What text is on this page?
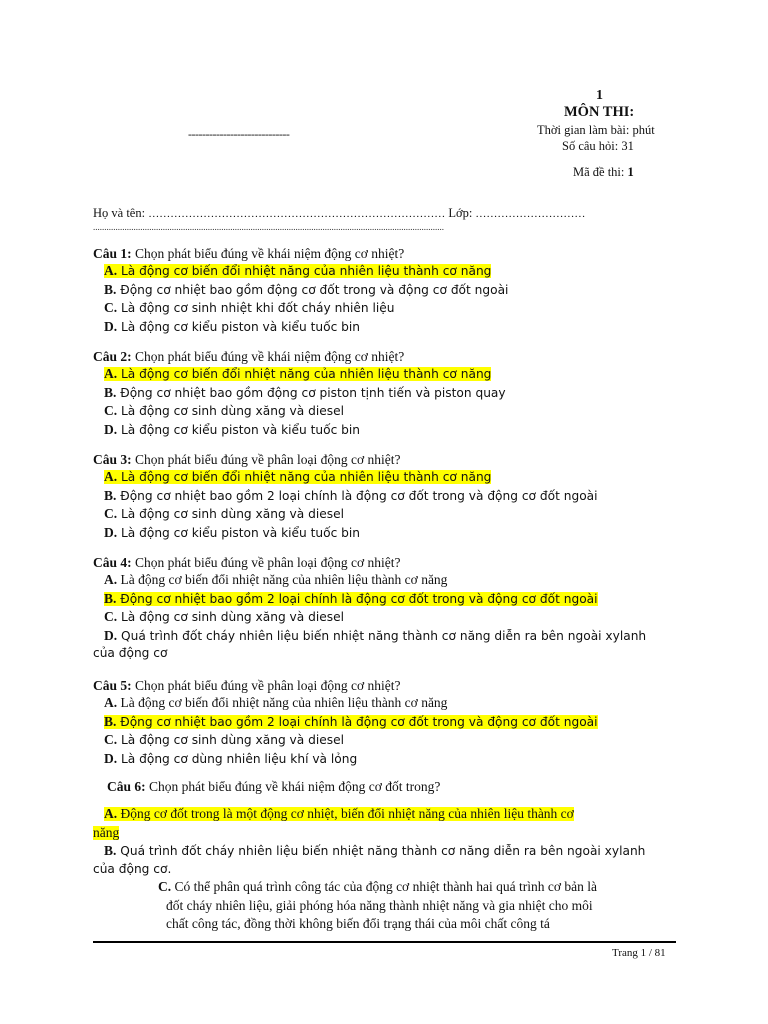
1
MÔN THI:
-----------------------------	Thời gian làm bài: phút
Số câu hỏi: 31
Mã đề thi: 1
Họ và tên: ……………………………………………………………………… Lớp: …………………………
............................................................................................................................................................
Câu 1: Chọn phát biểu đúng về khái niệm động cơ nhiệt?
A. Là động cơ biến đổi nhiệt năng của nhiên liệu thành cơ năng
B. Động cơ nhiệt bao gồm động cơ đốt trong và động cơ đốt ngoài
C. Là động cơ sinh nhiệt khi đốt cháy nhiên liệu
D. Là động cơ kiểu piston và kiểu tuốc bin
Câu 2: Chọn phát biểu đúng về khái niệm động cơ nhiệt?
A. Là động cơ biến đổi nhiệt năng của nhiên liệu thành cơ năng
B. Động cơ nhiệt bao gồm động cơ piston tịnh tiến và piston quay
C. Là động cơ sinh dùng xăng và diesel
D. Là động cơ kiểu piston và kiểu tuốc bin
Câu 3: Chọn phát biểu đúng về phân loại động cơ nhiệt?
A. Là động cơ biến đổi nhiệt năng của nhiên liệu thành cơ năng
B. Động cơ nhiệt bao gồm 2 loại chính là động cơ đốt trong và động cơ đốt ngoài
C. Là động cơ sinh dùng xăng và diesel
D. Là động cơ kiểu piston và kiểu tuốc bin
Câu 4: Chọn phát biểu đúng về phân loại động cơ nhiệt?
A. Là động cơ biến đổi nhiệt năng của nhiên liệu thành cơ năng
B. Động cơ nhiệt bao gồm 2 loại chính là động cơ đốt trong và động cơ đốt ngoài
C. Là động cơ sinh dùng xăng và diesel
D. Quá trình đốt cháy nhiên liệu biến nhiệt năng thành cơ năng diễn ra bên ngoài xylanh
của động cơ
Câu 5: Chọn phát biểu đúng về phân loại động cơ nhiệt?
A. Là động cơ biến đổi nhiệt năng của nhiên liệu thành cơ năng
B. Động cơ nhiệt bao gồm 2 loại chính là động cơ đốt trong và động cơ đốt ngoài
C. Là động cơ sinh dùng xăng và diesel
D. Là động cơ dùng nhiên liệu khí và lỏng
Câu 6: Chọn phát biểu đúng về khái niệm động cơ đốt trong?
A. Động cơ đốt trong là một động cơ nhiệt, biến đổi nhiệt năng của nhiên liệu thành cơ
năng
B. Quá trình đốt cháy nhiên liệu biến nhiệt năng thành cơ năng diễn ra bên ngoài xylanh
của động cơ.
C. Có thể phân quá trình công tác của động cơ nhiệt thành hai quá trình cơ bản là
đốt cháy nhiên liệu, giải phóng hóa năng thành nhiệt năng và gia nhiệt cho môi
chất công tác, đồng thời không biến đổi trạng thái của môi chất công tá
Trang 1 / 81
